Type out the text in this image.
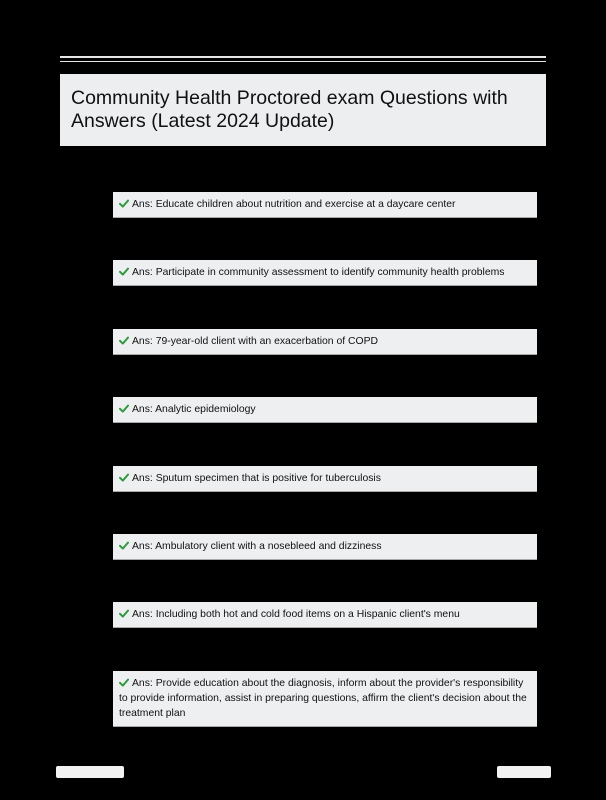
Community Health Proctored exam Questions with Answers (Latest 2024 Update)
Ans: Educate children about nutrition and exercise at a daycare center
Ans: Participate in community assessment to identify community health problems
Ans: 79-year-old client with an exacerbation of COPD
Ans: Analytic epidemiology
Ans: Sputum specimen that is positive for tuberculosis
Ans: Ambulatory client with a nosebleed and dizziness
Ans: Including both hot and cold food items on a Hispanic client's menu
Ans: Provide education about the diagnosis, inform about the provider's responsibility to provide information, assist in preparing questions, affirm the client's decision about the treatment plan
